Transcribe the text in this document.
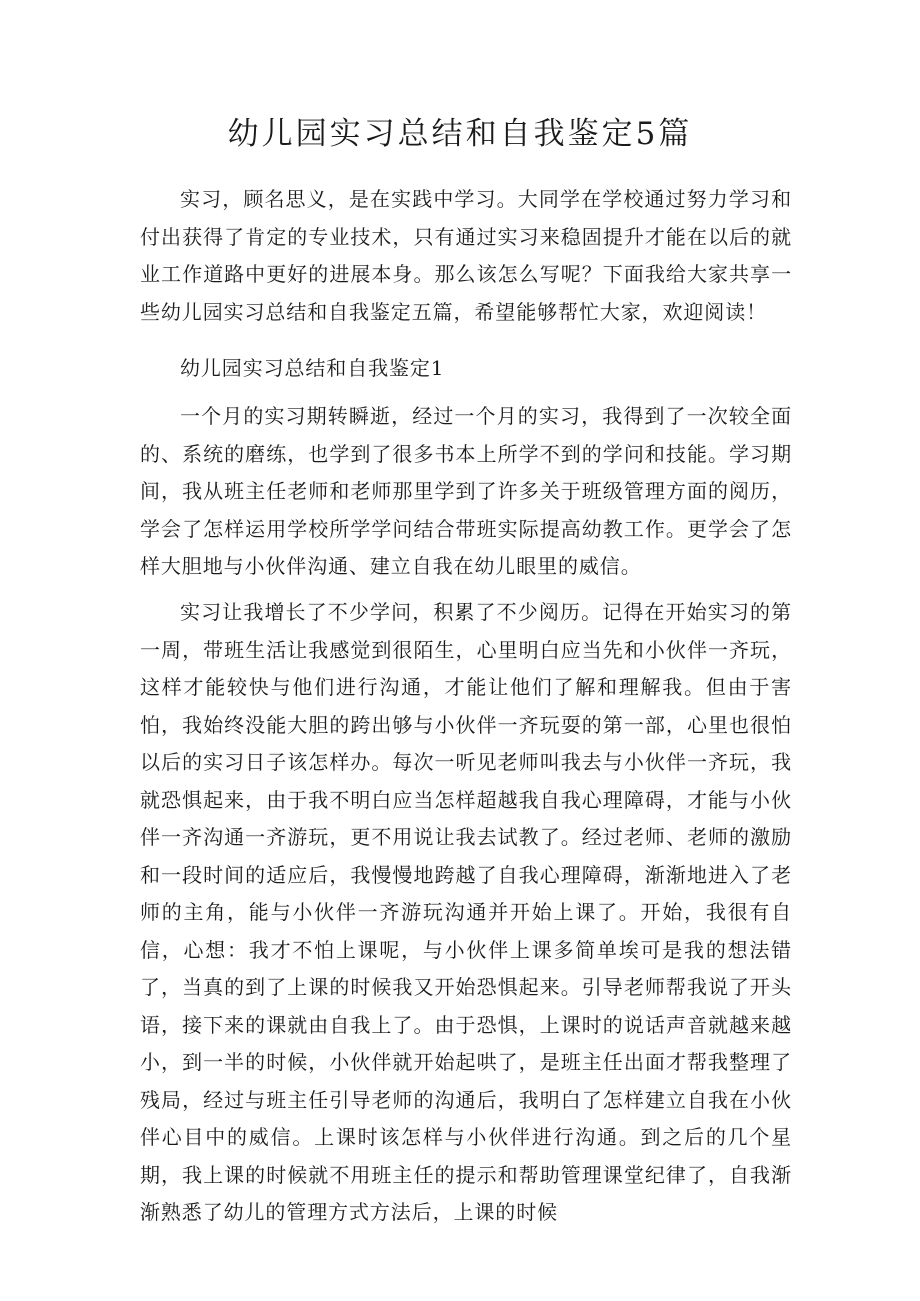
幼儿园实习总结和自我鉴定5篇

实习，顾名思义，是在实践中学习。大同学在学校通过努力学习和付出获得了肯定的专业技术，只有通过实习来稳固提升才能在以后的就业工作道路中更好的进展本身。那么该怎么写呢？下面我给大家共享一些幼儿园实习总结和自我鉴定五篇，希望能够帮忙大家，欢迎阅读！

幼儿园实习总结和自我鉴定1

一个月的实习期转瞬逝，经过一个月的实习，我得到了一次较全面的、系统的磨练，也学到了很多书本上所学不到的学问和技能。学习期间，我从班主任老师和老师那里学到了许多关于班级管理方面的阅历，学会了怎样运用学校所学学问结合带班实际提高幼教工作。更学会了怎样大胆地与小伙伴沟通、建立自我在幼儿眼里的威信。

实习让我增长了不少学问，积累了不少阅历。记得在开始实习的第一周，带班生活让我感觉到很陌生，心里明白应当先和小伙伴一齐玩，这样才能较快与他们进行沟通，才能让他们了解和理解我。但由于害怕，我始终没能大胆的跨出够与小伙伴一齐玩耍的第一部，心里也很怕以后的实习日子该怎样办。每次一听见老师叫我去与小伙伴一齐玩，我就恐惧起来，由于我不明白应当怎样超越我自我心理障碍，才能与小伙伴一齐沟通一齐游玩，更不用说让我去试教了。经过老师、老师的激励和一段时间的适应后，我慢慢地跨越了自我心理障碍，渐渐地进入了老师的主角，能与小伙伴一齐游玩沟通并开始上课了。开始，我很有自信，心想：我才不怕上课呢，与小伙伴上课多简单埃可是我的想法错了，当真的到了上课的时候我又开始恐惧起来。引导老师帮我说了开头语，接下来的课就由自我上了。由于恐惧，上课时的说话声音就越来越小，到一半的时候，小伙伴就开始起哄了，是班主任出面才帮我整理了残局，经过与班主任引导老师的沟通后，我明白了怎样建立自我在小伙伴心目中的威信。上课时该怎样与小伙伴进行沟通。到之后的几个星期，我上课的时候就不用班主任的提示和帮助管理课堂纪律了，自我渐渐熟悉了幼儿的管理方式方法后，上课的时候
